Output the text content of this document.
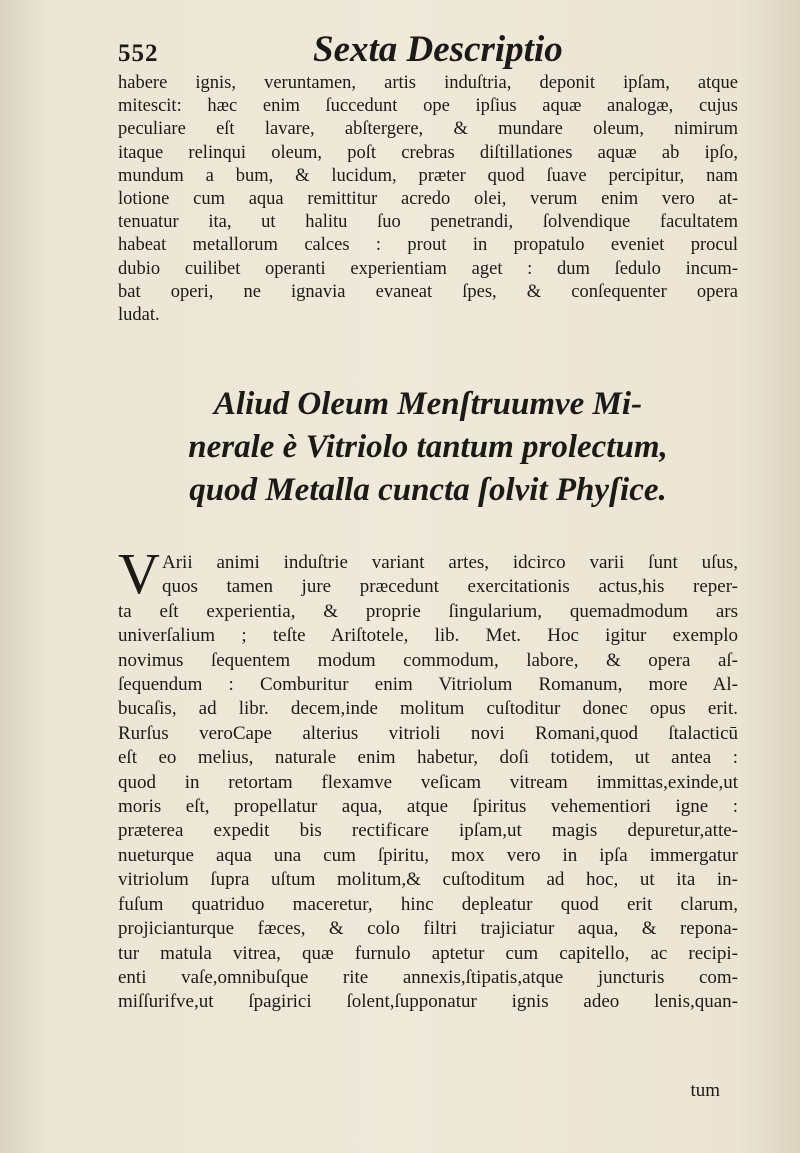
552	Sexta Descriptio
habere ignis, veruntamen, artis induſtria, deponit ipſam, atque
mitescit: hæc enim ſuccedunt ope ipſius aquæ analogæ, cujus
peculiare eſt lavare, abſtergere, & mundare oleum, nimirum
itaque relinqui oleum, poſt crebras diſtillationes aquæ ab ipſo,
mundum a bum, & lucidum, præter quod ſuave percipitur, nam
lotione cum aqua remittitur acredo olei, verum enim vero at-
tenuatur ita, ut halitu ſuo penetrandi, ſolvendique facultatem
habeat metallorum calces : prout in propatulo eveniet procul
dubio cuilibet operanti experientiam aget : dum ſedulo incum-
bat operi, ne ignavia evaneat ſpes, & conſequenter opera
ludat.
Aliud Oleum Menſtruumve Mi-
nerale è Vitriolo tantum prolectum,
quod Metalla cuncta ſolvit Phyſice.
V Arii animi induſtrie variant artes, idcirco varii ſunt uſus,
quos tamen jure præcedunt exercitationis actus,his reper-
ta eſt experientia, & proprie ſingularium, quemadmodum ars
univerſalium ; teſte Ariſtotele, lib. Met. Hoc igitur exemplo
novimus ſequentem modum commodum, labore, & opera aſ-
ſequendum : Comburitur enim Vitriolum Romanum, more Al-
bucaſis, ad libr. decem,inde molitum cuſtoditur donec opus erit.
Rurſus veroCape alterius vitrioli novi Romani,quod ſtalacticū
eſt eo melius, naturale enim habetur, doſi totidem, ut antea :
quod in retortam flexamve veſicam vitream immittas,exinde,ut
moris eſt, propellatur aqua, atque ſpiritus vehementiori igne :
præterea expedit bis rectificare ipſam,ut magis depuretur,atte-
nueturque aqua una cum ſpiritu, mox vero in ipſa immergatur
vitriolum ſupra uſtum molitum,& cuſtoditum ad hoc, ut ita in-
fuſum quatriduo maceretur, hinc depleatur quod erit clarum,
projicianturque fæces, & colo filtri trajiciatur aqua, & repona-
tur matula vitrea, quæ furnulo aptetur cum capitello, ac recipi-
enti vaſe,omnibuſque rite annexis,ſtipatis,atque juncturis com-
miſſurifve,ut ſpagirici ſolent,ſupponatur ignis adeo lenis,quan-
tum
